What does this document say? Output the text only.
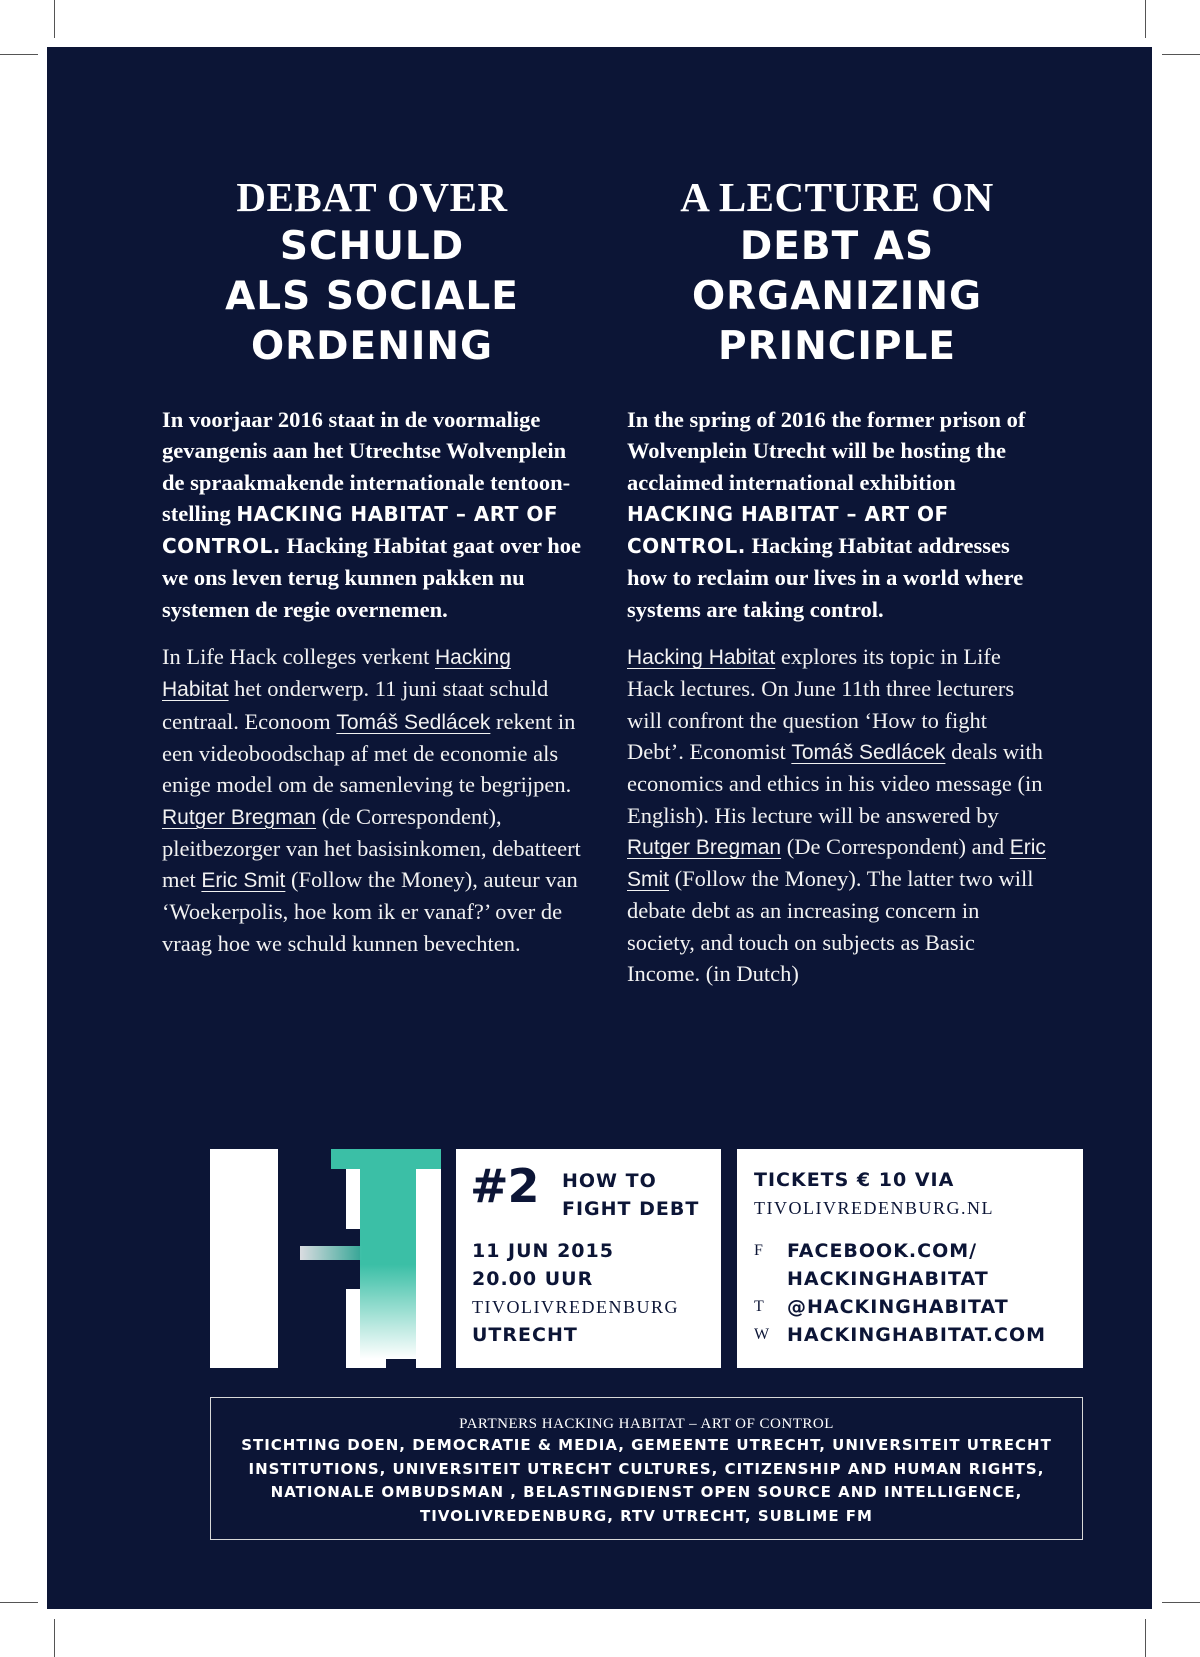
DEBAT OVER
SCHULD
ALS SOCIALE
ORDENING

In voorjaar 2016 staat in de voormalige gevangenis aan het Utrechtse Wolvenplein de spraakmakende internationale tentoonstelling HACKING HABITAT – ART OF CONTROL. Hacking Habitat gaat over hoe we ons leven terug kunnen pakken nu systemen de regie overnemen.

In Life Hack colleges verkent Hacking Habitat het onderwerp. 11 juni staat schuld centraal. Econoom Tomáš Sedlácek rekent in een videoboodschap af met de economie als enige model om de samenleving te begrijpen. Rutger Bregman (de Correspondent), pleitbezorger van het basisinkomen, debatteert met Eric Smit (Follow the Money), auteur van ‘Woekerpolis, hoe kom ik er vanaf?’ over de vraag hoe we schuld kunnen bevechten.

A LECTURE ON
DEBT AS
ORGANIZING
PRINCIPLE

In the spring of 2016 the former prison of Wolvenplein Utrecht will be hosting the acclaimed international exhibition HACKING HABITAT – ART OF CONTROL. Hacking Habitat addresses how to reclaim our lives in a world where systems are taking control.

Hacking Habitat explores its topic in Life Hack lectures. On June 11th three lecturers will confront the question ‘How to fight Debt’. Economist Tomáš Sedlácek deals with economics and ethics in his video message (in English). His lecture will be answered by Rutger Bregman (De Correspondent) and Eric Smit (Follow the Money). The latter two will debate debt as an increasing concern in society, and touch on subjects as Basic Income. (in Dutch)

#2 HOW TO
FIGHT DEBT
11 JUN 2015
20.00 UUR
TIVOLIVREDENBURG
UTRECHT
TICKETS € 10 VIA
TIVOLIVREDENBURG.NL
F FACEBOOK.COM/
HACKINGHABITAT
T @HACKINGHABITAT
W HACKINGHABITAT.COM
PARTNERS HACKING HABITAT – ART OF CONTROL
STICHTING DOEN, DEMOCRATIE & MEDIA, GEMEENTE UTRECHT, UNIVERSITEIT UTRECHT
INSTITUTIONS, UNIVERSITEIT UTRECHT CULTURES, CITIZENSHIP AND HUMAN RIGHTS,
NATIONALE OMBUDSMAN , BELASTINGDIENST OPEN SOURCE AND INTELLIGENCE,
TIVOLIVREDENBURG, RTV UTRECHT, SUBLIME FM
GRAFISCH ONTWERP AUTOBAHN
